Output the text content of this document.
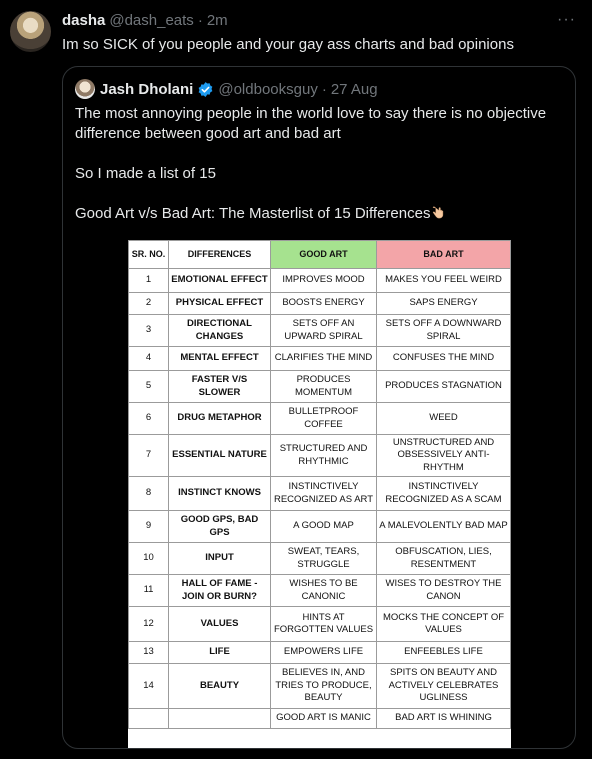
dasha @dash_eats · 2m	···
Im so SICK of you people and your gay ass charts and bad opinions
Jash Dholani @oldbooksguy · 27 Aug

The most annoying people in the world love to say there is no objective difference between good art and bad art

So I made a list of 15

Good Art v/s Bad Art: The Masterlist of 15 Differences

SR. NO.	DIFFERENCES	GOOD ART	BAD ART
1	EMOTIONAL EFFECT	IMPROVES MOOD	MAKES YOU FEEL WEIRD
2	PHYSICAL EFFECT	BOOSTS ENERGY	SAPS ENERGY
3	DIRECTIONAL CHANGES	SETS OFF AN UPWARD SPIRAL	SETS OFF A DOWNWARD SPIRAL
4	MENTAL EFFECT	CLARIFIES THE MIND	CONFUSES THE MIND
5	FASTER V/S SLOWER	PRODUCES MOMENTUM	PRODUCES STAGNATION
6	DRUG METAPHOR	BULLETPROOF COFFEE	WEED
7	ESSENTIAL NATURE	STRUCTURED AND RHYTHMIC	UNSTRUCTURED AND OBSESSIVELY ANTI-RHYTHM
8	INSTINCT KNOWS	INSTINCTIVELY RECOGNIZED AS ART	INSTINCTIVELY RECOGNIZED AS A SCAM
9	GOOD GPS, BAD GPS	A GOOD MAP	A MALEVOLENTLY BAD MAP
10	INPUT	SWEAT, TEARS, STRUGGLE	OBFUSCATION, LIES, RESENTMENT
11	HALL OF FAME - JOIN OR BURN?	WISHES TO BE CANONIC	WISES TO DESTROY THE CANON
12	VALUES	HINTS AT FORGOTTEN VALUES	MOCKS THE CONCEPT OF VALUES
13	LIFE	EMPOWERS LIFE	ENFEEBLES LIFE
14	BEAUTY	BELIEVES IN, AND TRIES TO PRODUCE, BEAUTY	SPITS ON BEAUTY AND ACTIVELY CELEBRATES UGLINESS
		GOOD ART IS MANIC	BAD ART IS WHINING
